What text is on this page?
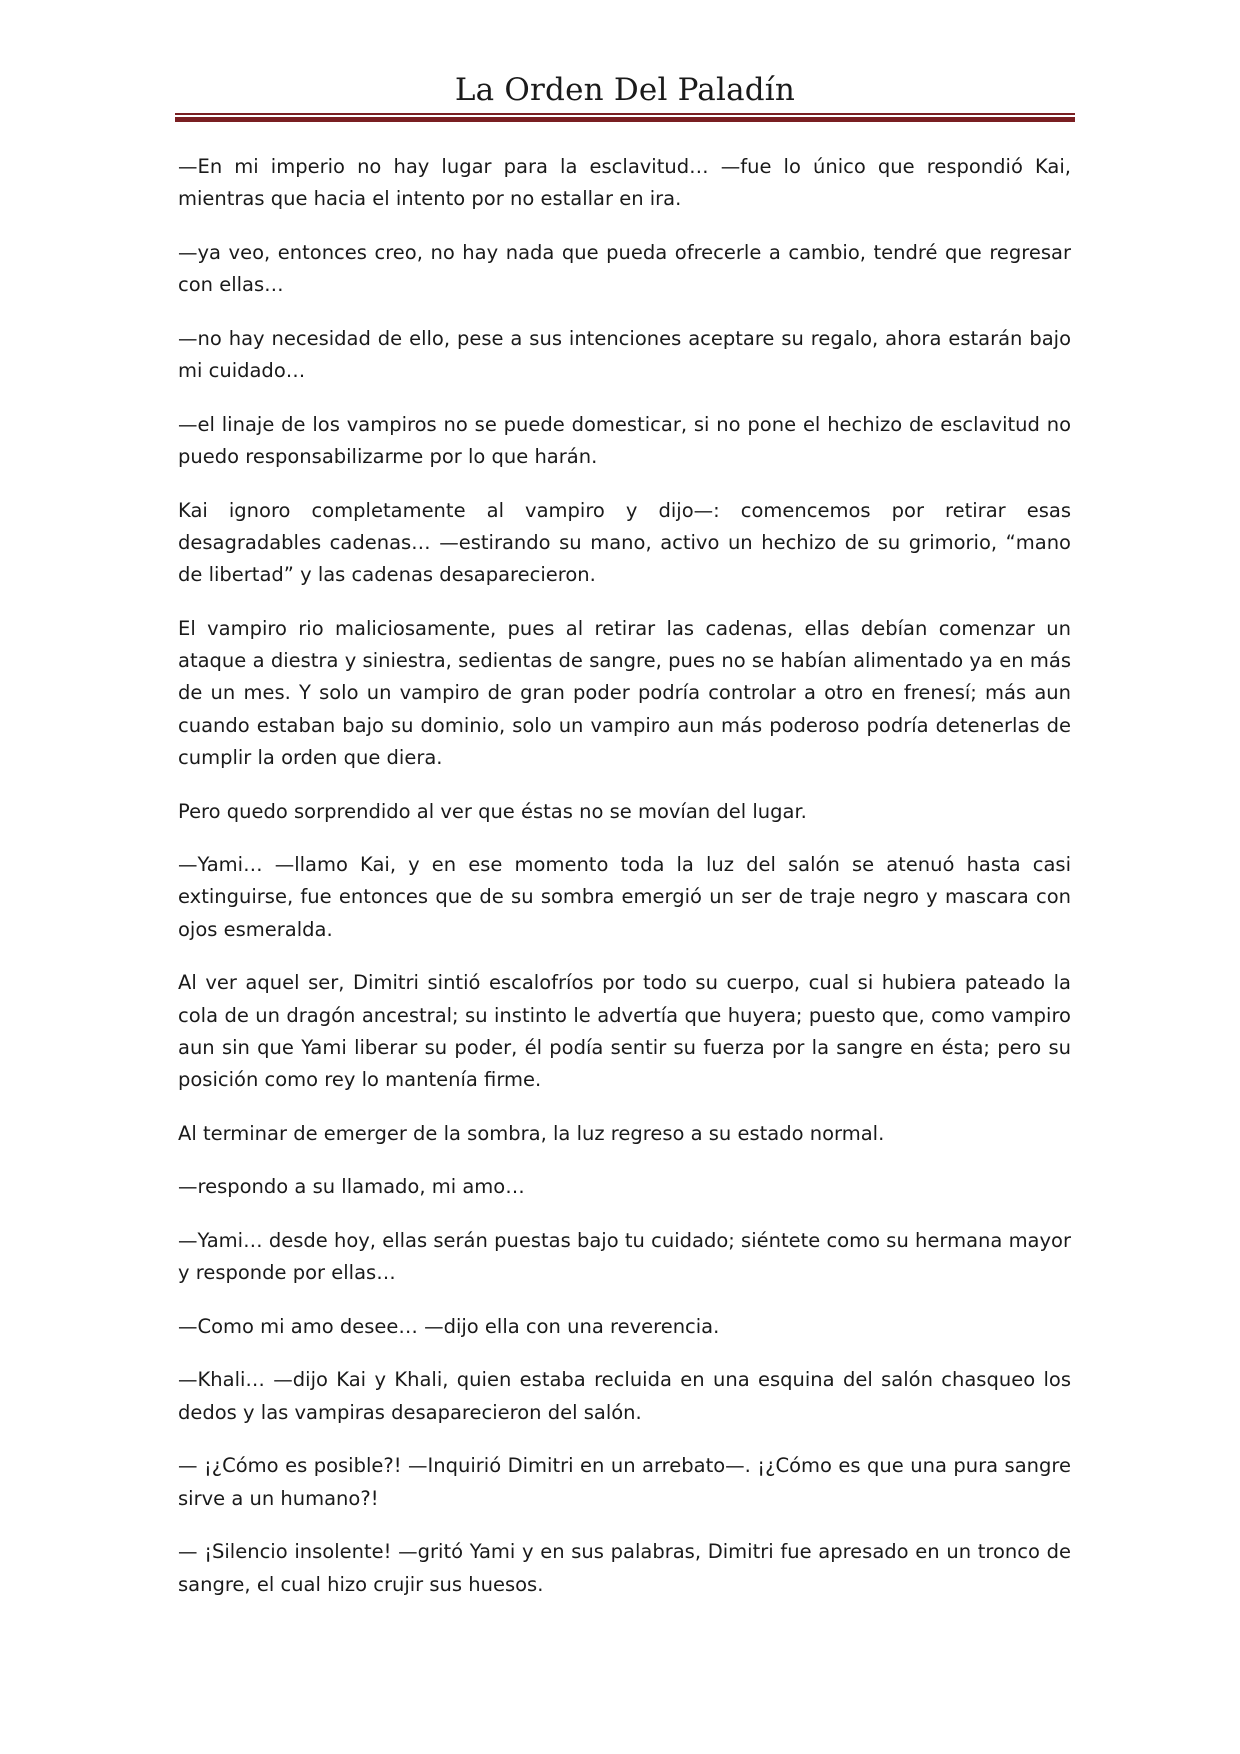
La Orden Del Paladín

—En mi imperio no hay lugar para la esclavitud… —fue lo único que respondió Kai, mientras que hacia el intento por no estallar en ira.

—ya veo, entonces creo, no hay nada que pueda ofrecerle a cambio, tendré que regresar con ellas…

—no hay necesidad de ello, pese a sus intenciones aceptare su regalo, ahora estarán bajo mi cuidado…

—el linaje de los vampiros no se puede domesticar, si no pone el hechizo de esclavitud no puedo responsabilizarme por lo que harán.

Kai ignoro completamente al vampiro y dijo—: comencemos por retirar esas desagradables cadenas… —estirando su mano, activo un hechizo de su grimorio, “mano de libertad” y las cadenas desaparecieron.

El vampiro rio maliciosamente, pues al retirar las cadenas, ellas debían comenzar un ataque a diestra y siniestra, sedientas de sangre, pues no se habían alimentado ya en más de un mes. Y solo un vampiro de gran poder podría controlar a otro en frenesí; más aun cuando estaban bajo su dominio, solo un vampiro aun más poderoso podría detenerlas de cumplir la orden que diera.

Pero quedo sorprendido al ver que éstas no se movían del lugar.

—Yami… —llamo Kai, y en ese momento toda la luz del salón se atenuó hasta casi extinguirse, fue entonces que de su sombra emergió un ser de traje negro y mascara con ojos esmeralda.

Al ver aquel ser, Dimitri sintió escalofríos por todo su cuerpo, cual si hubiera pateado la cola de un dragón ancestral; su instinto le advertía que huyera; puesto que, como vampiro aun sin que Yami liberar su poder, él podía sentir su fuerza por la sangre en ésta; pero su posición como rey lo mantenía firme.

Al terminar de emerger de la sombra, la luz regreso a su estado normal.

—respondo a su llamado, mi amo…

—Yami… desde hoy, ellas serán puestas bajo tu cuidado; siéntete como su hermana mayor y responde por ellas…

—Como mi amo desee… —dijo ella con una reverencia.

—Khali… —dijo Kai y Khali, quien estaba recluida en una esquina del salón chasqueo los dedos y las vampiras desaparecieron del salón.

— ¡¿Cómo es posible?! —Inquirió Dimitri en un arrebato—. ¡¿Cómo es que una pura sangre sirve a un humano?!

— ¡Silencio insolente! —gritó Yami y en sus palabras, Dimitri fue apresado en un tronco de sangre, el cual hizo crujir sus huesos.
